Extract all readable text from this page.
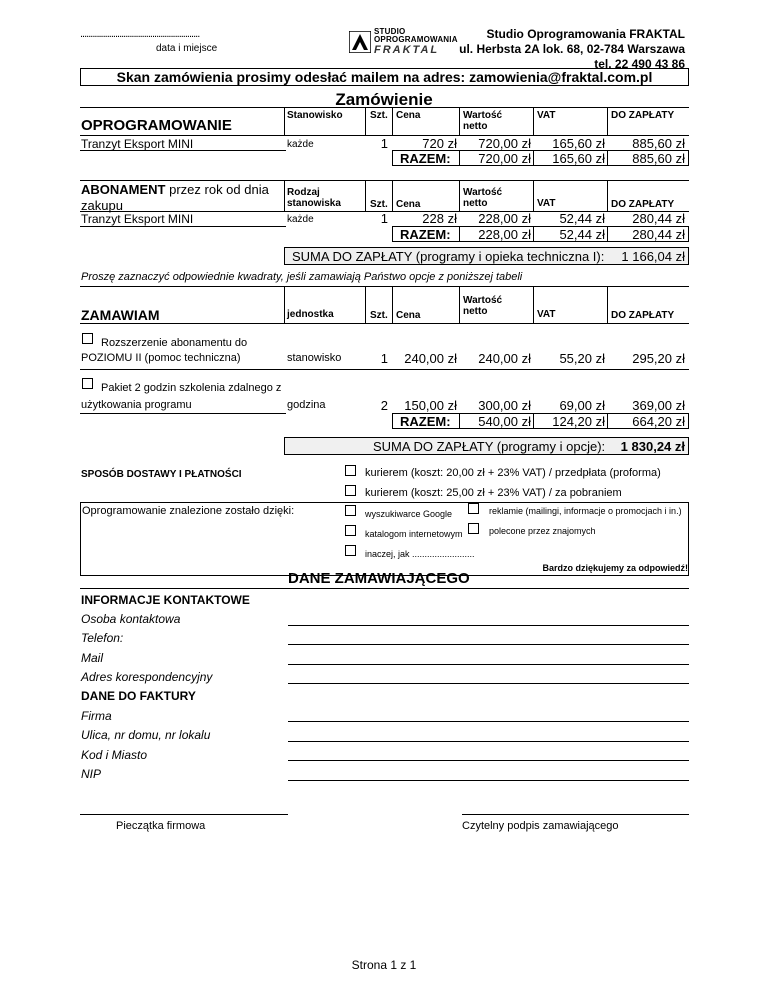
..........................................................
data i miejsce
STUDIO
OPROGRAMOWANIA
FRAKTAL
Studio Oprogramowania FRAKTAL
ul. Herbsta 2A lok. 68, 02-784 Warszawa
tel. 22 490 43 86
Skan zamówienia prosimy odesłać mailem na adres: zamowienia@fraktal.com.pl
Zamówienie
OPROGRAMOWANIE
Stanowisko	Szt. Cena	Wartość
netto
VAT	DO ZAPŁATY
Tranzyt Eksport MINI	każde	1	720 zł 720,00 zł 165,60 zł 885,60 zł
RAZEM: 720,00 zł 165,60 zł 885,60 zł
ABONAMENT przez rok od dnia
zakupu
Rodzaj
stanowiska	Szt. Cena
Wartość
netto	VAT	DO ZAPŁATY
Tranzyt Eksport MINI	każde	1	228 zł 228,00 zł 52,44 zł 280,44 zł
RAZEM: 228,00 zł 52,44 zł 280,44 zł
SUMA DO ZAPŁATY (programy i opieka techniczna I): 1 166,04 zł
Proszę zaznaczyć odpowiednie kwadraty, jeśli zamawiają Państwo opcje z poniższej tabeli
ZAMAWIAM	jednostka	Szt. Cena
Wartość
netto	VAT	DO ZAPŁATY
Rozszerzenie abonamentu do
POZIOMU II (pomoc techniczna)	stanowisko	1 240,00 zł 240,00 zł 55,20 zł 295,20 zł
Pakiet 2 godzin szkolenia zdalnego z
użytkowania programu	godzina	2 150,00 zł 300,00 zł 69,00 zł 369,00 zł
RAZEM: 540,00 zł 124,20 zł 664,20 zł
SUMA DO ZAPŁATY (programy i opcje): 1 830,24 zł
SPOSÓB DOSTAWY I PŁATNOŚCI	kurierem (koszt: 20,00 zł + 23% VAT) / przedpłata (proforma)
kurierem (koszt: 25,00 zł + 23% VAT) / za pobraniem
Oprogramowanie znalezione zostało dzięki:	wyszukiwarce Google	reklamie (mailingi, informacje o promocjach i in.)
katalogom internetowym	polecone przez znajomych
inaczej, jak .........................
Bardzo dziękujemy za odpowiedź!
DANE ZAMAWIAJĄCEGO
INFORMACJE KONTAKTOWE
Osoba kontaktowa
Telefon:
Mail
Adres korespondencyjny
DANE DO FAKTURY
Firma
Ulica, nr domu, nr lokalu
Kod i Miasto
NIP
Pieczątka firmowa	Czytelny podpis zamawiającego
Strona 1 z 1
